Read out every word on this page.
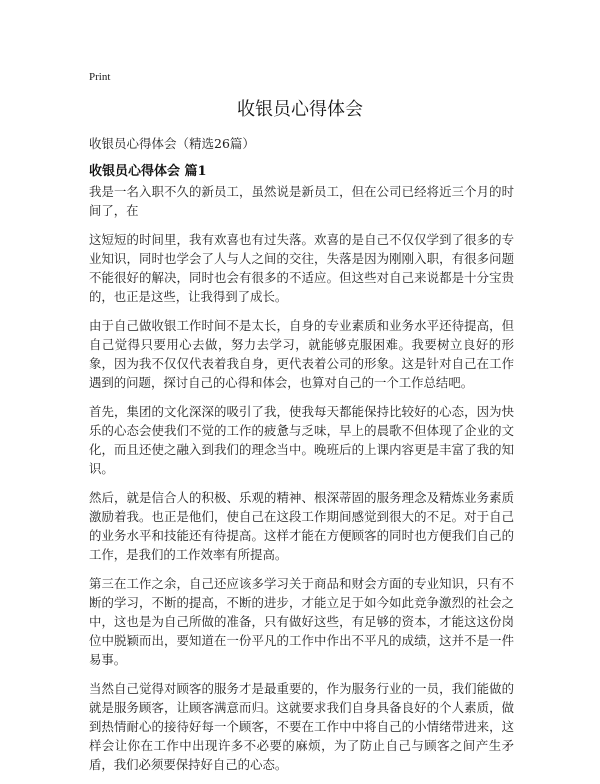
Print
收银员心得体会
收银员心得体会（精选26篇）
收银员心得体会 篇1

我是一名入职不久的新员工，虽然说是新员工，但在公司已经将近三个月的时间了，在

这短短的时间里，我有欢喜也有过失落。欢喜的是自己不仅仅学到了很多的专业知识，同时也学会了人与人之间的交往，失落是因为刚刚入职，有很多问题不能很好的解决，同时也会有很多的不适应。但这些对自己来说都是十分宝贵的，也正是这些，让我得到了成长。

由于自己做收银工作时间不是太长，自身的专业素质和业务水平还待提高，但自己觉得只要用心去做，努力去学习，就能够克服困难。我要树立良好的形象，因为我不仅仅代表着我自身，更代表着公司的形象。这是针对自己在工作遇到的问题，探讨自己的心得和体会，也算对自己的一个工作总结吧。

首先，集团的文化深深的吸引了我，使我每天都能保持比较好的心态，因为快乐的心态会使我们不觉的工作的疲惫与乏味，早上的晨歌不但体现了企业的文化，而且还使之融入到我们的理念当中。晚班后的上课内容更是丰富了我的知识。

然后，就是信合人的积极、乐观的精神、根深蒂固的服务理念及精炼业务素质激励着我。也正是他们，使自己在这段工作期间感觉到很大的不足。对于自己的业务水平和技能还有待提高。这样才能在方便顾客的同时也方便我们自己的工作，是我们的工作效率有所提高。

第三在工作之余，自己还应该多学习关于商品和财会方面的专业知识，只有不断的学习，不断的提高，不断的进步，才能立足于如今如此竞争激烈的社会之中，这也是为自己所做的准备，只有做好这些，有足够的资本，才能这这份岗位中脱颖而出，要知道在一份平凡的工作中作出不平凡的成绩，这并不是一件易事。

当然自己觉得对顾客的服务才是最重要的，作为服务行业的一员，我们能做的就是服务顾客，让顾客满意而归。这就要求我们自身具备良好的个人素质，做到热情耐心的接待好每一个顾客，不要在工作中中将自己的小情绪带进来，这样会让你在工作中出现许多不必要的麻烦，为了防止自己与顾客之间产生矛盾，我们必须要保持好自己的心态。
